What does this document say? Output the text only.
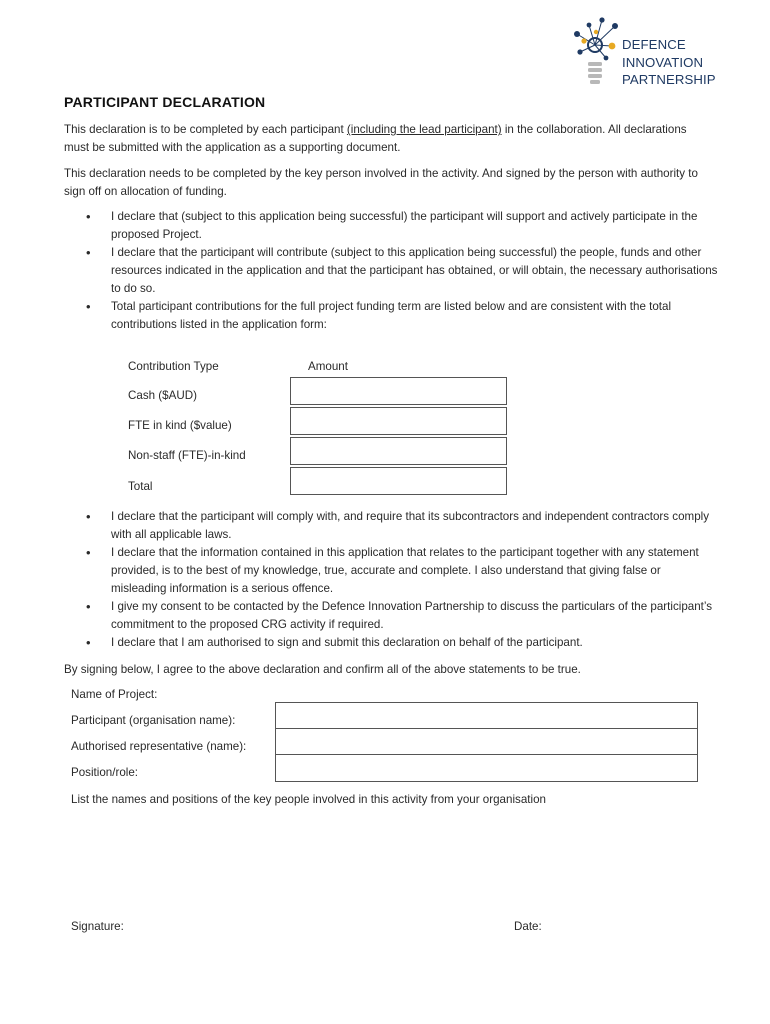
DEFENCE
INNOVATION
PARTNERSHIP
PARTICIPANT DECLARATION
This declaration is to be completed by each participant (including the lead participant) in the collaboration. All declarations must be submitted with the application as a supporting document.
This declaration needs to be completed by the key person involved in the activity. And signed by the person with authority to sign off on allocation of funding.
• I declare that (subject to this application being successful) the participant will support and actively participate in the proposed Project.
• I declare that the participant will contribute (subject to this application being successful) the people, funds and other resources indicated in the application and that the participant has obtained, or will obtain, the necessary authorisations to do so.
• Total participant contributions for the full project funding term are listed below and are consistent with the total contributions listed in the application form:
Contribution Type	Amount
Cash ($AUD)
FTE in kind ($value)
Non-staff (FTE)-in-kind
Total
• I declare that the participant will comply with, and require that its subcontractors and independent contractors comply with all applicable laws.
• I declare that the information contained in this application that relates to the participant together with any statement provided, is to the best of my knowledge, true, accurate and complete. I also understand that giving false or misleading information is a serious offence.
• I give my consent to be contacted by the Defence Innovation Partnership to discuss the particulars of the participant’s commitment to the proposed CRG activity if required.
• I declare that I am authorised to sign and submit this declaration on behalf of the participant.
By signing below, I agree to the above declaration and confirm all of the above statements to be true.
Name of Project:
Participant (organisation name):
Authorised representative (name):
Position/role:
List the names and positions of the key people involved in this activity from your organisation
Signature:	Date:
